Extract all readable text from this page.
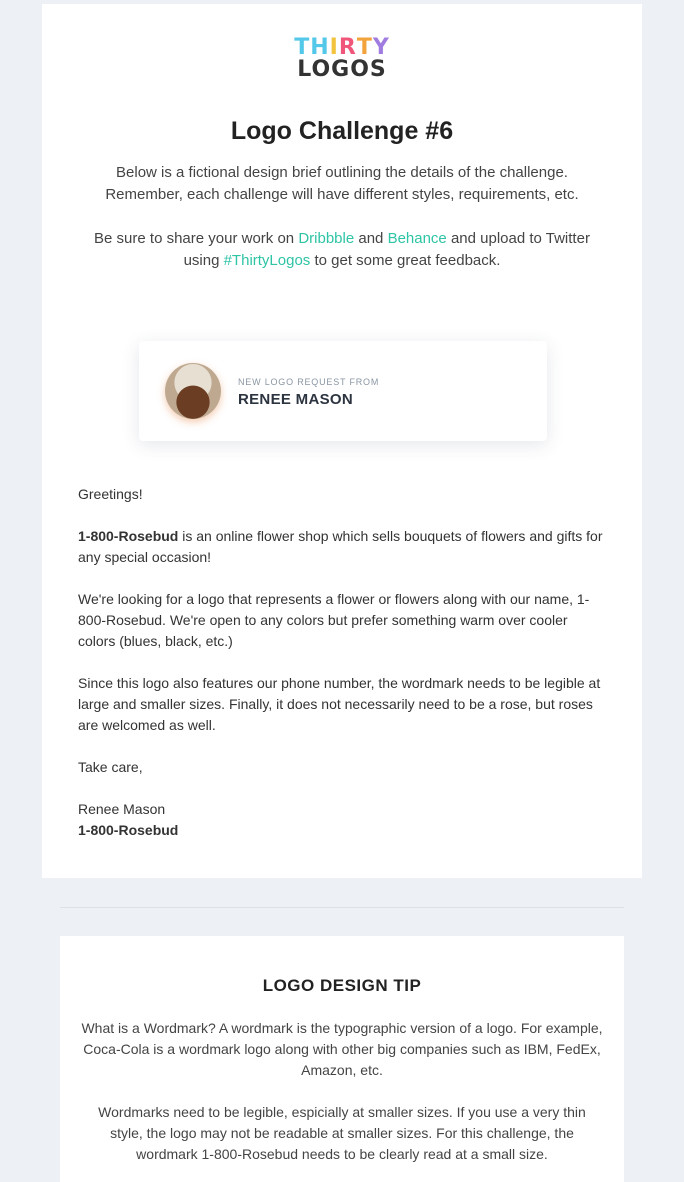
THIRTY
LOGOS
Logo Challenge #6

Below is a fictional design brief outlining the details of the challenge. Remember, each challenge will have different styles, requirements, etc.

Be sure to share your work on Dribbble and Behance and upload to Twitter using #ThirtyLogos to get some great feedback.

NEW LOGO REQUEST FROM
RENEE MASON

Greetings!

1-800-Rosebud is an online flower shop which sells bouquets of flowers and gifts for any special occasion!

We're looking for a logo that represents a flower or flowers along with our name, 1-800-Rosebud. We're open to any colors but prefer something warm over cooler colors (blues, black, etc.)

Since this logo also features our phone number, the wordmark needs to be legible at large and smaller sizes. Finally, it does not necessarily need to be a rose, but roses are welcomed as well.

Take care,

Renee Mason
1-800-Rosebud

LOGO DESIGN TIP

What is a Wordmark? A wordmark is the typographic version of a logo. For example, Coca-Cola is a wordmark logo along with other big companies such as IBM, FedEx, Amazon, etc.

Wordmarks need to be legible, espicially at smaller sizes. If you use a very thin style, the logo may not be readable at smaller sizes. For this challenge, the wordmark 1-800-Rosebud needs to be clearly read at a small size.
